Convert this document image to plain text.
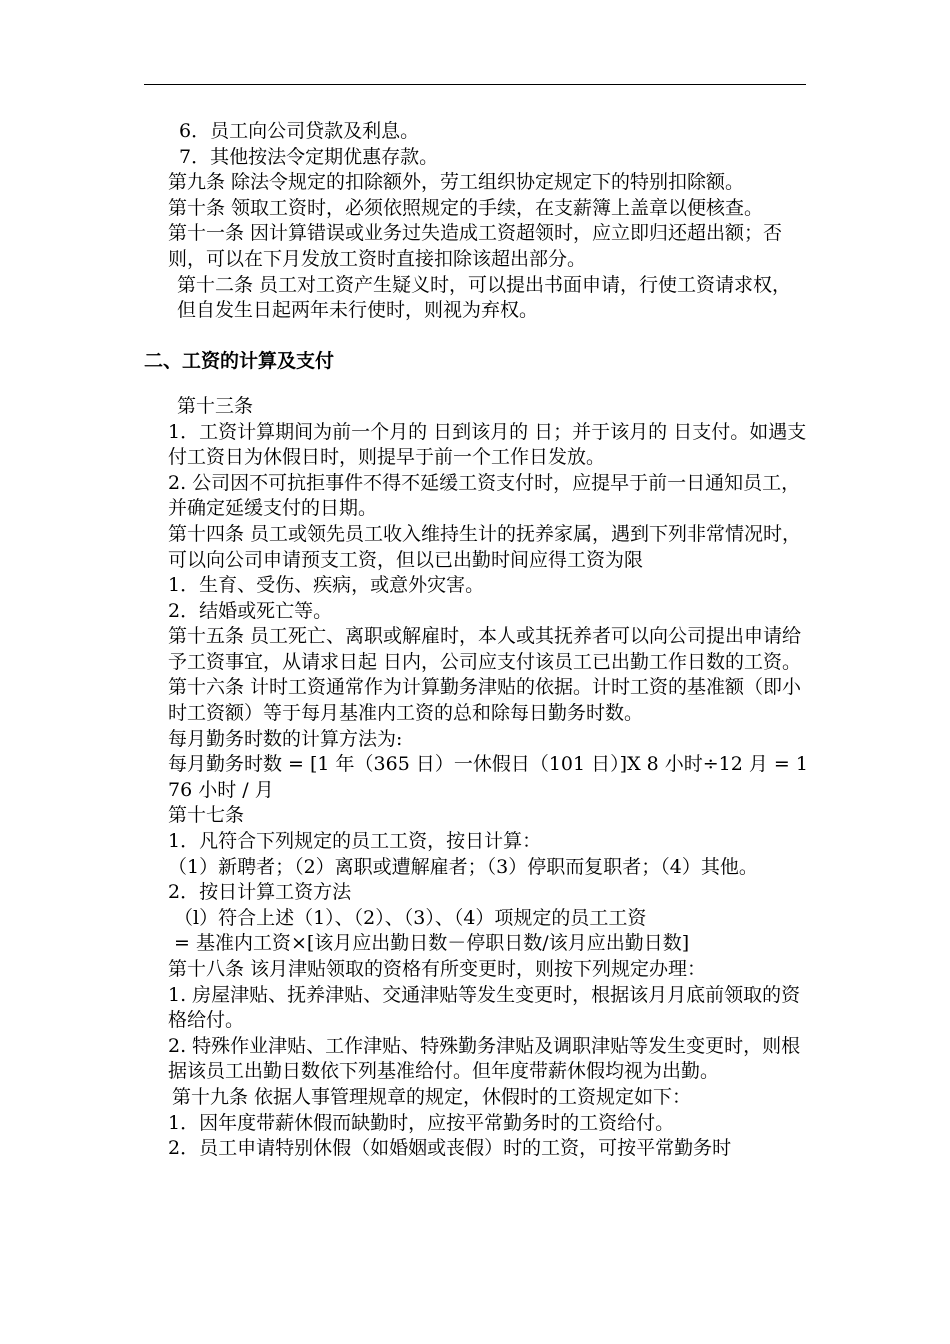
6．员工向公司贷款及利息。

7．其他按法令定期优惠存款。

第九条 除法令规定的扣除额外，劳工组织协定规定下的特别扣除额。

第十条 领取工资时，必须依照规定的手续，在支薪簿上盖章以便核查。

第十一条 因计算错误或业务过失造成工资超领时，应立即归还超出额；否则，可以在下月发放工资时直接扣除该超出部分。

第十二条 员工对工资产生疑义时，可以提出书面申请，行使工资请求权，但自发生日起两年未行使时，则视为弃权。

二、工资的计算及支付

第十三条

1．工资计算期间为前一个月的 日到该月的 日；并于该月的 日支付。如遇支付工资日为休假日时，则提早于前一个工作日发放。

2. 公司因不可抗拒事件不得不延缓工资支付时，应提早于前一日通知员工，并确定延缓支付的日期。

第十四条 员工或领先员工收入维持生计的抚养家属，遇到下列非常情况时，可以向公司申请预支工资，但以已出勤时间应得工资为限

1．生育、受伤、疾病，或意外灾害。

2．结婚或死亡等。

第十五条 员工死亡、离职或解雇时，本人或其抚养者可以向公司提出申请给予工资事宜，从请求日起 日内，公司应支付该员工已出勤工作日数的工资。

第十六条 计时工资通常作为计算勤务津贴的依据。计时工资的基准额（即小时工资额）等于每月基准内工资的总和除每日勤务时数。

每月勤务时数的计算方法为:

每月勤务时数 = [1 年（365 日）一休假日（101 日）]X 8 小时÷12 月 = 176 小时 / 月

第十七条

1．凡符合下列规定的员工工资，按日计算：

（1）新聘者；（2）离职或遭解雇者；（3）停职而复职者；（4）其他。

2．按日计算工资方法

（l）符合上述（1）、（2）、（3）、（4）项规定的员工工资

= 基准内工资×[该月应出勤日数－停职日数/该月应出勤日数]

第十八条 该月津贴领取的资格有所变更时，则按下列规定办理：

1. 房屋津贴、抚养津贴、交通津贴等发生变更时，根据该月月底前领取的资格给付。

2. 特殊作业津贴、工作津贴、特殊勤务津贴及调职津贴等发生变更时，则根据该员工出勤日数依下列基准给付。但年度带薪休假均视为出勤。

第十九条 依据人事管理规章的规定，休假时的工资规定如下：

1．因年度带薪休假而缺勤时，应按平常勤务时的工资给付。

2．员工申请特别休假（如婚姻或丧假）时的工资，可按平常勤务时
